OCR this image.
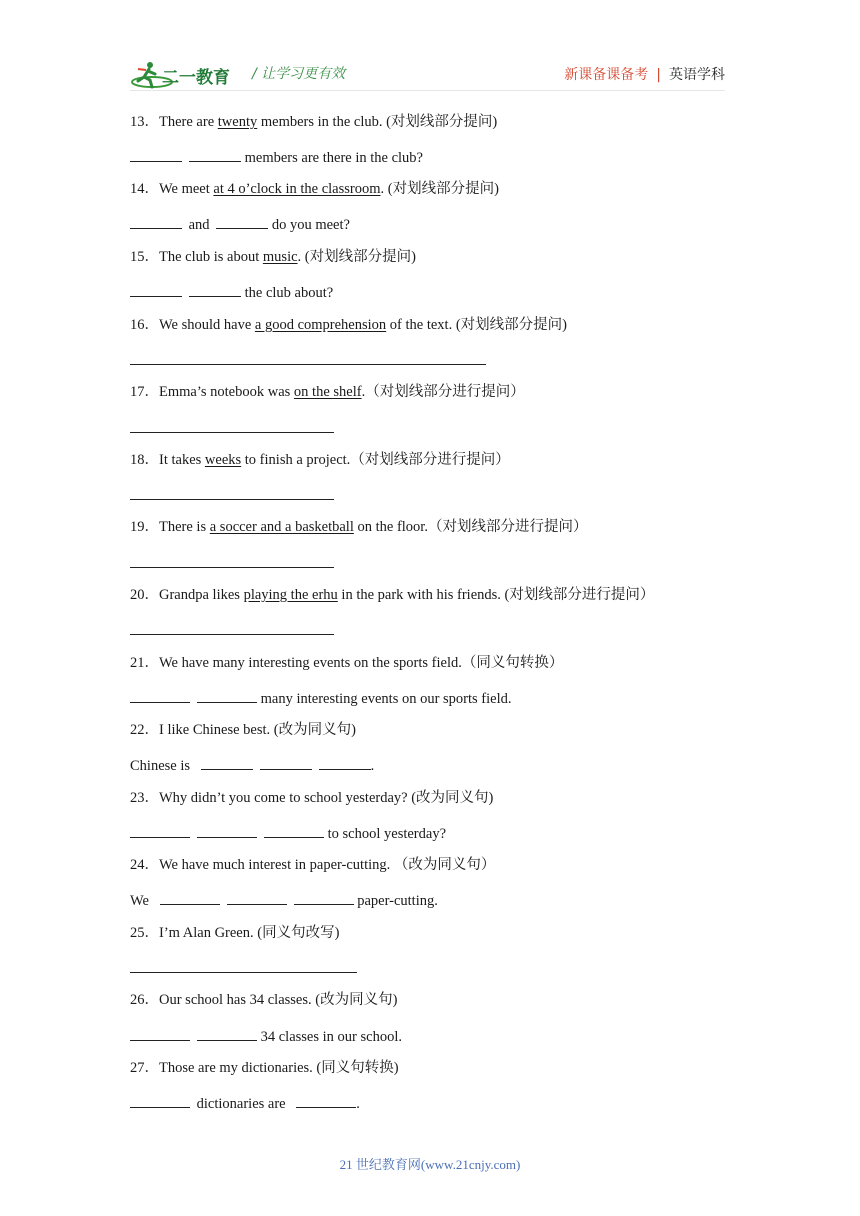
二一教育 / 让学习更有效	新课备课备考 | 英语学科
13．There are twenty members in the club. (对划线部分提问)
members are there in the club?
14．We meet at 4 o’clock in the classroom. (对划线部分提问)
and	do you meet?
15．The club is about music. (对划线部分提问)
the club about?
16．We should have a good comprehension of the text. (对划线部分提问)
17．Emma’s notebook was on the shelf.（对划线部分进行提问）
18．It takes weeks to finish a project.（对划线部分进行提问）
19．There is a soccer and a basketball on the floor.（对划线部分进行提问）
20．Grandpa likes playing the erhu in the park with his friends. (对划线部分进行提问）
21．We have many interesting events on the sports field.（同义句转换）
many interesting events on our sports field.
22．I like Chinese best. (改为同义句)
Chinese is	.
23．Why didn’t you come to school yesterday? (改为同义句)
to school yesterday?
24．We have much interest in paper-cutting. （改为同义句）
We	paper-cutting.
25．I’m Alan Green. (同义句改写)
26．Our school has 34 classes. (改为同义句)
34 classes in our school.
27．Those are my dictionaries. (同义句转换)
dictionaries are	.
21 世纪教育网(www.21cnjy.com)
